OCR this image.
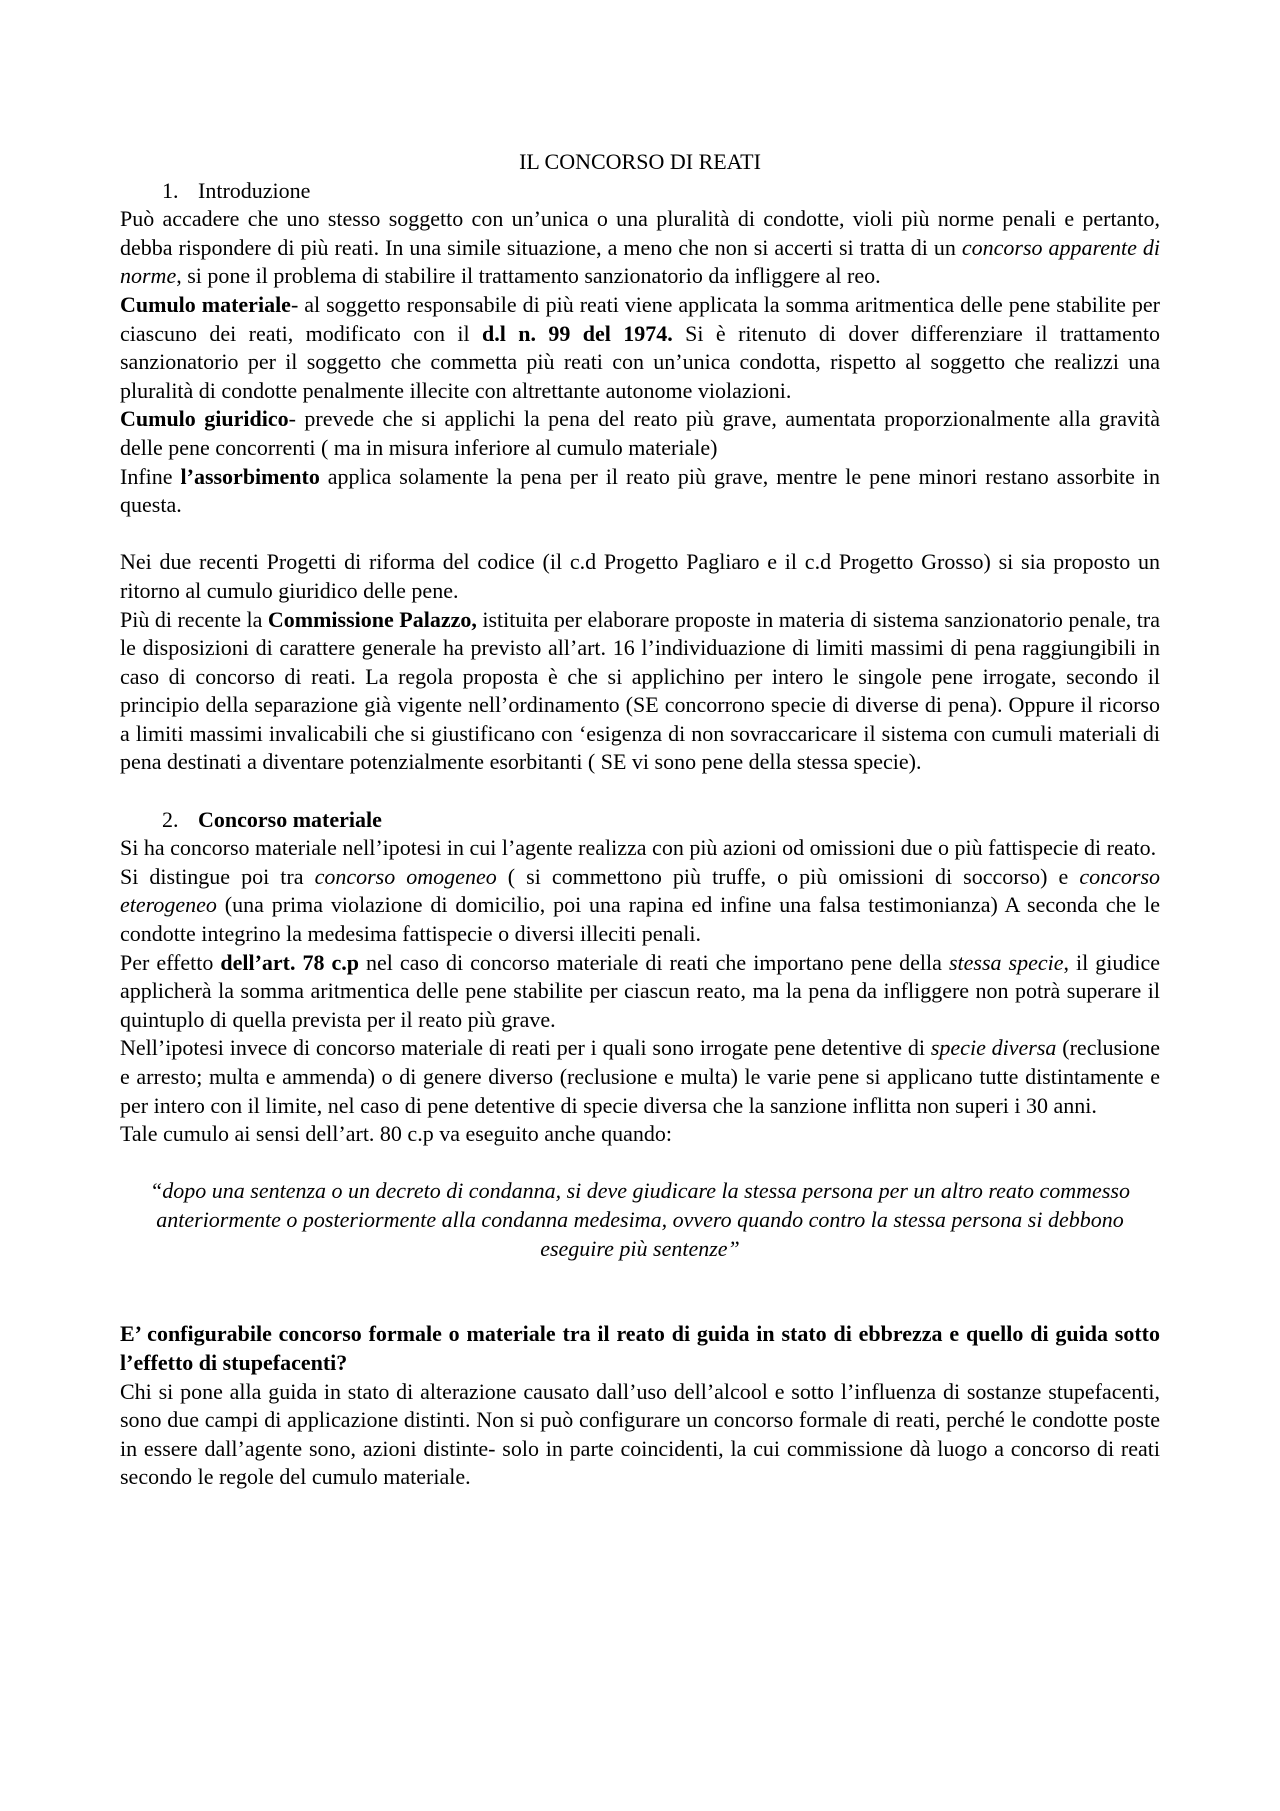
IL CONCORSO DI REATI

1. Introduzione

Può accadere che uno stesso soggetto con un’unica o una pluralità di condotte, violi più norme penali e pertanto, debba rispondere di più reati. In una simile situazione, a meno che non si accerti si tratta di un concorso apparente di norme, si pone il problema di stabilire il trattamento sanzionatorio da infliggere al reo.

Cumulo materiale- al soggetto responsabile di più reati viene applicata la somma aritmentica delle pene stabilite per ciascuno dei reati, modificato con il d.l n. 99 del 1974. Si è ritenuto di dover differenziare il trattamento sanzionatorio per il soggetto che commetta più reati con un’unica condotta, rispetto al soggetto che realizzi una pluralità di condotte penalmente illecite con altrettante autonome violazioni.

Cumulo giuridico- prevede che si applichi la pena del reato più grave, aumentata proporzionalmente alla gravità delle pene concorrenti ( ma in misura inferiore al cumulo materiale)

Infine l’assorbimento applica solamente la pena per il reato più grave, mentre le pene minori restano assorbite in questa.

Nei due recenti Progetti di riforma del codice (il c.d Progetto Pagliaro e il c.d Progetto Grosso) si sia proposto un ritorno al cumulo giuridico delle pene.

Più di recente la Commissione Palazzo, istituita per elaborare proposte in materia di sistema sanzionatorio penale, tra le disposizioni di carattere generale ha previsto all’art. 16 l’individuazione di limiti massimi di pena raggiungibili in caso di concorso di reati. La regola proposta è che si applichino per intero le singole pene irrogate, secondo il principio della separazione già vigente nell’ordinamento (SE concorrono specie di diverse di pena). Oppure il ricorso a limiti massimi invalicabili che si giustificano con ‘esigenza di non sovraccaricare il sistema con cumuli materiali di pena destinati a diventare potenzialmente esorbitanti ( SE vi sono pene della stessa specie).

2. Concorso materiale

Si ha concorso materiale nell’ipotesi in cui l’agente realizza con più azioni od omissioni due o più fattispecie di reato.

Si distingue poi tra concorso omogeneo ( si commettono più truffe, o più omissioni di soccorso) e concorso eterogeneo (una prima violazione di domicilio, poi una rapina ed infine una falsa testimonianza) A seconda che le condotte integrino la medesima fattispecie o diversi illeciti penali.

Per effetto dell’art. 78 c.p nel caso di concorso materiale di reati che importano pene della stessa specie, il giudice applicherà la somma aritmentica delle pene stabilite per ciascun reato, ma la pena da infliggere non potrà superare il quintuplo di quella prevista per il reato più grave.

Nell’ipotesi invece di concorso materiale di reati per i quali sono irrogate pene detentive di specie diversa (reclusione e arresto; multa e ammenda) o di genere diverso (reclusione e multa) le varie pene si applicano tutte distintamente e per intero con il limite, nel caso di pene detentive di specie diversa che la sanzione inflitta non superi i 30 anni.

Tale cumulo ai sensi dell’art. 80 c.p va eseguito anche quando:

“dopo una sentenza o un decreto di condanna, si deve giudicare la stessa persona per un altro reato commesso anteriormente o posteriormente alla condanna medesima, ovvero quando contro la stessa persona si debbono eseguire più sentenze”

E’ configurabile concorso formale o materiale tra il reato di guida in stato di ebbrezza e quello di guida sotto l’effetto di stupefacenti?

Chi si pone alla guida in stato di alterazione causato dall’uso dell’alcool e sotto l’influenza di sostanze stupefacenti, sono due campi di applicazione distinti. Non si può configurare un concorso formale di reati, perché le condotte poste in essere dall’agente sono, azioni distinte- solo in parte coincidenti, la cui commissione dà luogo a concorso di reati secondo le regole del cumulo materiale.
